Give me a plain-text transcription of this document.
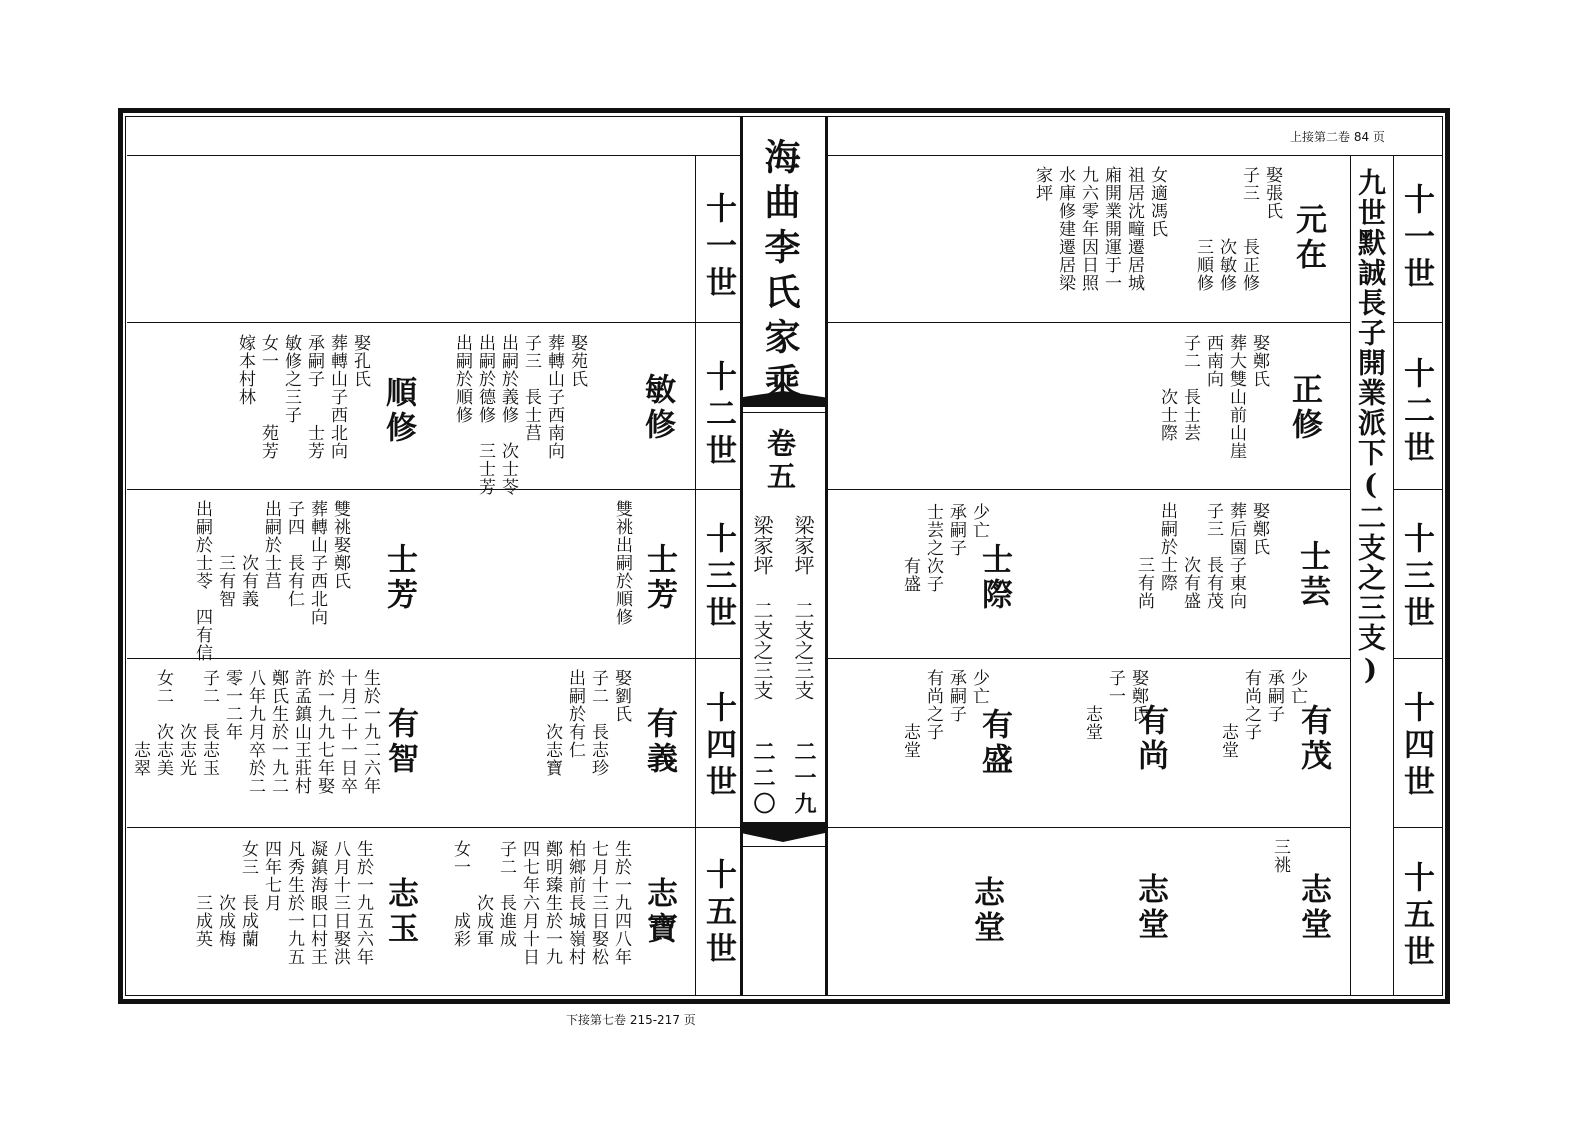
上接第二卷 84 页
下接第七卷 215-217 页
海曲李氏家乘
卷五
梁家坪
二支之三支
二一九
梁家坪
二支之三支
二二〇
十一世
十二世
十三世
十四世
十五世
十一世
十二世
十三世
十四世
十五世
九世默誠長子開業派下(二支之三支)
元在
娶張氏
子三　　長正修
　　　　次敏修
　　　　三順修

女適馮氏
祖居沈疃遷居城
廂開業開運于一
九六零年因日照
水庫修建遷居梁
家坪
正修
娶鄭氏
葬大雙山前山崖
西南向
子二　長士芸
　　　次士際
士芸
娶鄭氏
葬后園子東向
子三　長有茂
　　　次有盛
出嗣於士際
　　　三有尚
士際
少亡
承嗣子
士芸之次子
　　　有盛
有茂
少亡
承嗣子
有尚之子
　　　志堂
有尚
娶鄭氏
子一
　　志堂
有盛
少亡
承嗣子
有尚之子
　　　志堂
志堂
三祧
志堂
志堂
敏修
娶苑氏
葬轉山子西南向
子三　長士莒
出嗣於義修　次士苓
出嗣於德修　三士芳
出嗣於順修
順修
娶孔氏
葬轉山子西北向
承嗣子　　士芳
敏修之三子
女一　　　苑芳
嫁本村林
士芳
雙祧出嗣於順修
士芳
雙祧娶鄭氏
葬轉山子西北向
子四　長有仁
出嗣於士莒
　　　次有義
　　　三有智
出嗣於士苓　四有信
有義
娶劉氏
子二　長志珍
出嗣於有仁
　　　次志寶
有智
生於一九二六年
十月二十一日卒
於一九九七年娶
許孟鎮山王莊村
鄭氏生於一九二
八年九月卒於二
零一二年
子二　長志玉
　　　次志光
女二　次志美
　　　　志翠
志寶
生於一九四八年
七月十三日娶松
柏鄉前長城嶺村
鄭明臻生於一九
四七年六月十日
子二　長進成
　　　次成軍
女一　　成彩
志玉
生於一九五六年
八月十三日娶洪
凝鎮海眼口村王
凡秀生於一九五
四年七月
女三　長成蘭
　　　次成梅
　　　三成英
